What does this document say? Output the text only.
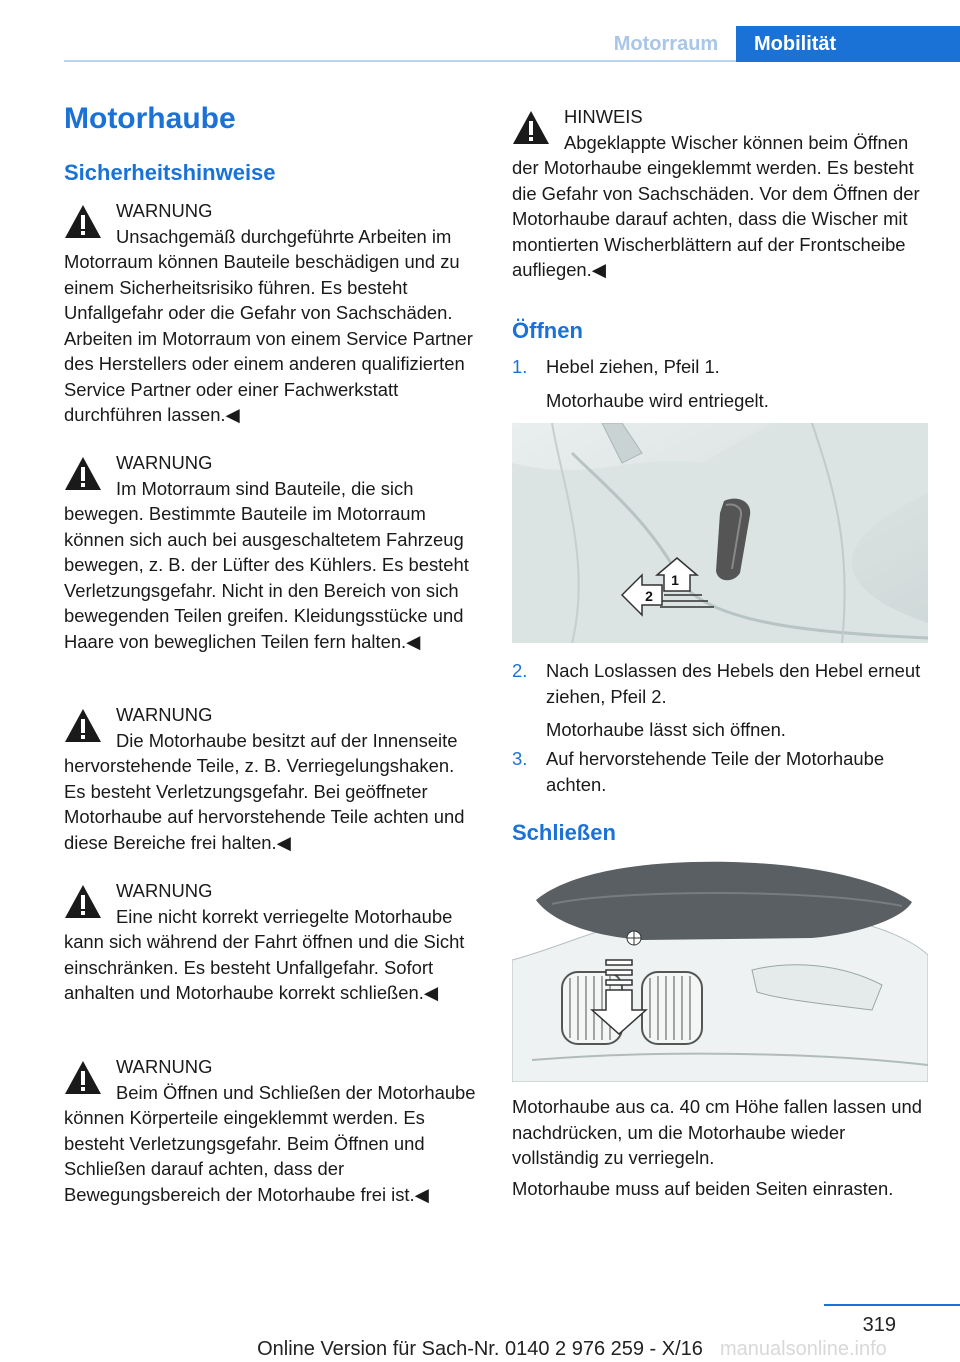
Motorraum	Mobilität
Motorhaube
Sicherheitshinweise
WARNUNG
Unsachgemäß durchgeführte Arbeiten im Motorraum können Bauteile beschädigen und zu einem Sicherheitsrisiko führen. Es besteht Unfallgefahr oder die Gefahr von Sachschäden. Arbeiten im Motorraum von einem Service Partner des Herstellers oder einem anderen qualifizierten Service Partner oder einer Fachwerkstatt durchführen lassen.◀
WARNUNG
Im Motorraum sind Bauteile, die sich bewegen. Bestimmte Bauteile im Motorraum können sich auch bei ausgeschaltetem Fahrzeug bewegen, z. B. der Lüfter des Kühlers. Es besteht Verletzungsgefahr. Nicht in den Bereich von sich bewegenden Teilen greifen. Kleidungsstücke und Haare von beweglichen Teilen fern halten.◀
WARNUNG
Die Motorhaube besitzt auf der Innenseite hervorstehende Teile, z. B. Verriegelungshaken. Es besteht Verletzungsgefahr. Bei geöffneter Motorhaube auf hervorstehende Teile achten und diese Bereiche frei halten.◀
WARNUNG
Eine nicht korrekt verriegelte Motorhaube kann sich während der Fahrt öffnen und die Sicht einschränken. Es besteht Unfallgefahr. Sofort anhalten und Motorhaube korrekt schließen.◀
WARNUNG
Beim Öffnen und Schließen der Motorhaube können Körperteile eingeklemmt werden. Es besteht Verletzungsgefahr. Beim Öffnen und Schließen darauf achten, dass der Bewegungsbereich der Motorhaube frei ist.◀
HINWEIS
Abgeklappte Wischer können beim Öffnen der Motorhaube eingeklemmt werden. Es besteht die Gefahr von Sachschäden. Vor dem Öffnen der Motorhaube darauf achten, dass die Wischer mit montierten Wischerblättern auf der Frontscheibe aufliegen.◀
Öffnen
1. Hebel ziehen, Pfeil 1.
Motorhaube wird entriegelt.
1
2
2. Nach Loslassen des Hebels den Hebel erneut ziehen, Pfeil 2.
Motorhaube lässt sich öffnen.
3. Auf hervorstehende Teile der Motorhaube achten.
Schließen
Motorhaube aus ca. 40 cm Höhe fallen lassen und nachdrücken, um die Motorhaube wieder vollständig zu verriegeln.
Motorhaube muss auf beiden Seiten einrasten.
319
Online Version für Sach-Nr. 0140 2 976 259 - X/16 manualsonline.info
